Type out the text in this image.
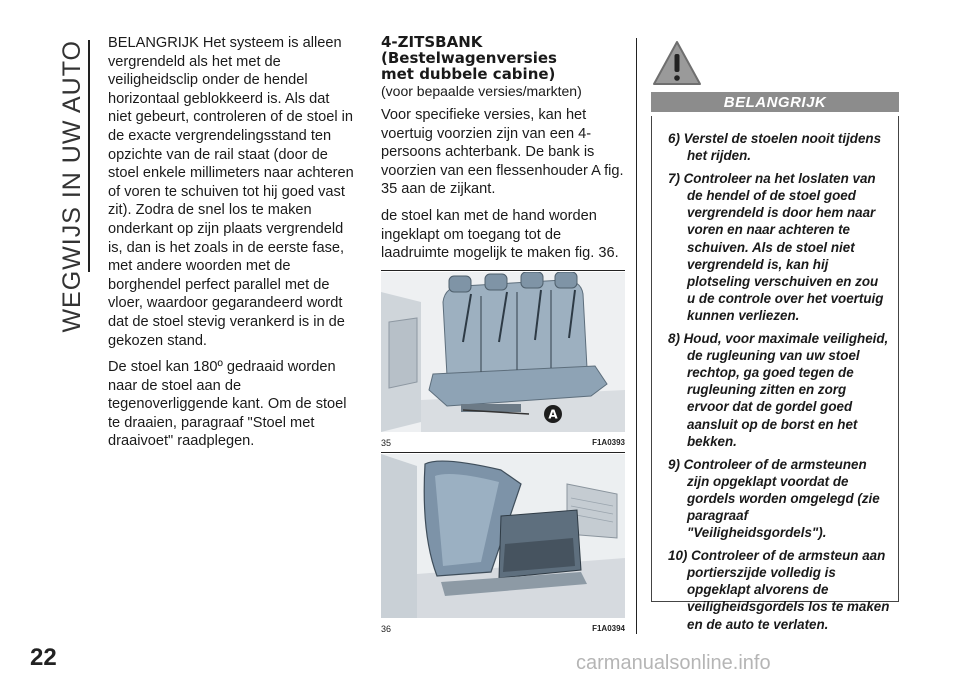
WEGWIJS IN UW AUTO
22

BELANGRIJK Het systeem is alleen vergrendeld als het met de veiligheidsclip onder de hendel horizontaal geblokkeerd is. Als dat niet gebeurt, controleren of de stoel in de exacte vergrendelingsstand ten opzichte van de rail staat (door de stoel enkele millimeters naar achteren of voren te schuiven tot hij goed vast zit). Zodra de snel los te maken onderkant op zijn plaats vergrendeld is, dan is het zoals in de eerste fase, met andere woorden met de borghendel perfect parallel met de vloer, waardoor gegarandeerd wordt dat de stoel stevig verankerd is in de gekozen stand.

De stoel kan 180º gedraaid worden naar de stoel aan de tegenoverliggende kant. Om de stoel te draaien, paragraaf "Stoel met draaivoet" raadplegen.

4-ZITSBANK
(Bestelwagenversies
met dubbele cabine)
(voor bepaalde versies/markten)

Voor specifieke versies, kan het voertuig voorzien zijn van een 4-persoons achterbank. De bank is voorzien van een flessenhouder A fig. 35 aan de zijkant.

de stoel kan met de hand worden ingeklapt om toegang tot de laadruimte mogelijk te maken fig. 36.

A
35	F1A0393
36	F1A0394
BELANGRIJK
6) Verstel de stoelen nooit tijdens het rijden.
7) Controleer na het loslaten van de hendel of de stoel goed vergrendeld is door hem naar voren en naar achteren te schuiven. Als de stoel niet vergrendeld is, kan hij plotseling verschuiven en zou u de controle over het voertuig kunnen verliezen.
8) Houd, voor maximale veiligheid, de rugleuning van uw stoel rechtop, ga goed tegen de rugleuning zitten en zorg ervoor dat de gordel goed aansluit op de borst en het bekken.
9) Controleer of de armsteunen zijn opgeklapt voordat de gordels worden omgelegd (zie paragraaf "Veiligheidsgordels").
10) Controleer of de armsteun aan portierszijde volledig is opgeklapt alvorens de veiligheidsgordels los te maken en de auto te verlaten.
carmanualsonline.info
